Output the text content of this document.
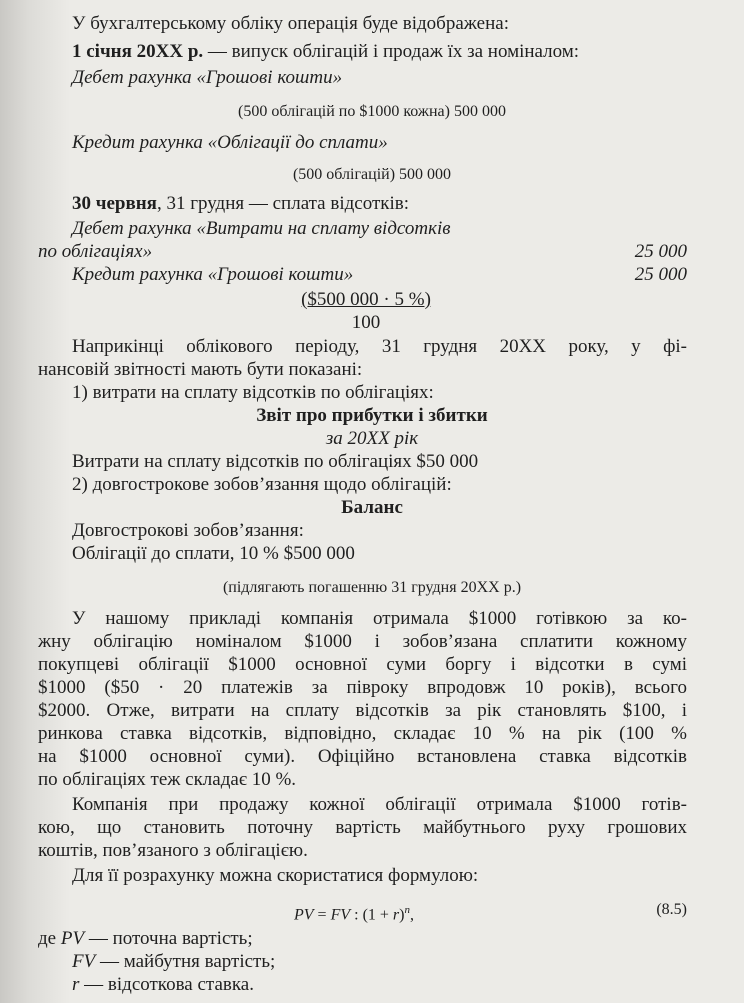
У бухгалтерському обліку операція буде відображена:
1 січня 20ХХ р. — випуск облігацій і продаж їх за номіналом:
Дебет рахунка «Грошові кошти»
(500 облігацій по $1000 кожна) 500 000
Кредит рахунка «Облігації до сплати»
(500 облігацій) 500 000
30 червня, 31 грудня — сплата відсотків:
Дебет рахунка «Витрати на сплату відсотків
по облігаціях»	25 000
Кредит рахунка «Грошові кошти»	25 000
($500 000 · 5 %)
100
Наприкінці облікового періоду, 31 грудня 20ХХ року, у фі-
нансовій звітності мають бути показані:
1) витрати на сплату відсотків по облігаціях:
Звіт про прибутки і збитки
за 20ХХ рік
Витрати на сплату відсотків по облігаціях $50 000
2) довгострокове зобов’язання щодо облігацій:
Баланс
Довгострокові зобов’язання:
Облігації до сплати, 10 % $500 000
(підлягають погашенню 31 грудня 20ХХ р.)
У нашому прикладі компанія отримала $1000 готівкою за ко-
жну облігацію номіналом $1000 і зобов’язана сплатити кожному
покупцеві облігації $1000 основної суми боргу і відсотки в сумі
$1000 ($50 · 20 платежів за півроку впродовж 10 років), всього
$2000. Отже, витрати на сплату відсотків за рік становлять $100, і
ринкова ставка відсотків, відповідно, складає 10 % на рік (100 %
на $1000 основної суми). Офіційно встановлена ставка відсотків
по облігаціях теж складає 10 %.
Компанія при продажу кожної облігації отримала $1000 готів-
кою, що становить поточну вартість майбутнього руху грошових
коштів, пов’язаного з облігацією.
Для її розрахунку можна скористатися формулою:
PV = FV : $(1 + r)^n$,	(8.5)
де PV — поточна вартість;
FV — майбутня вартість;
r — відсоткова ставка.
